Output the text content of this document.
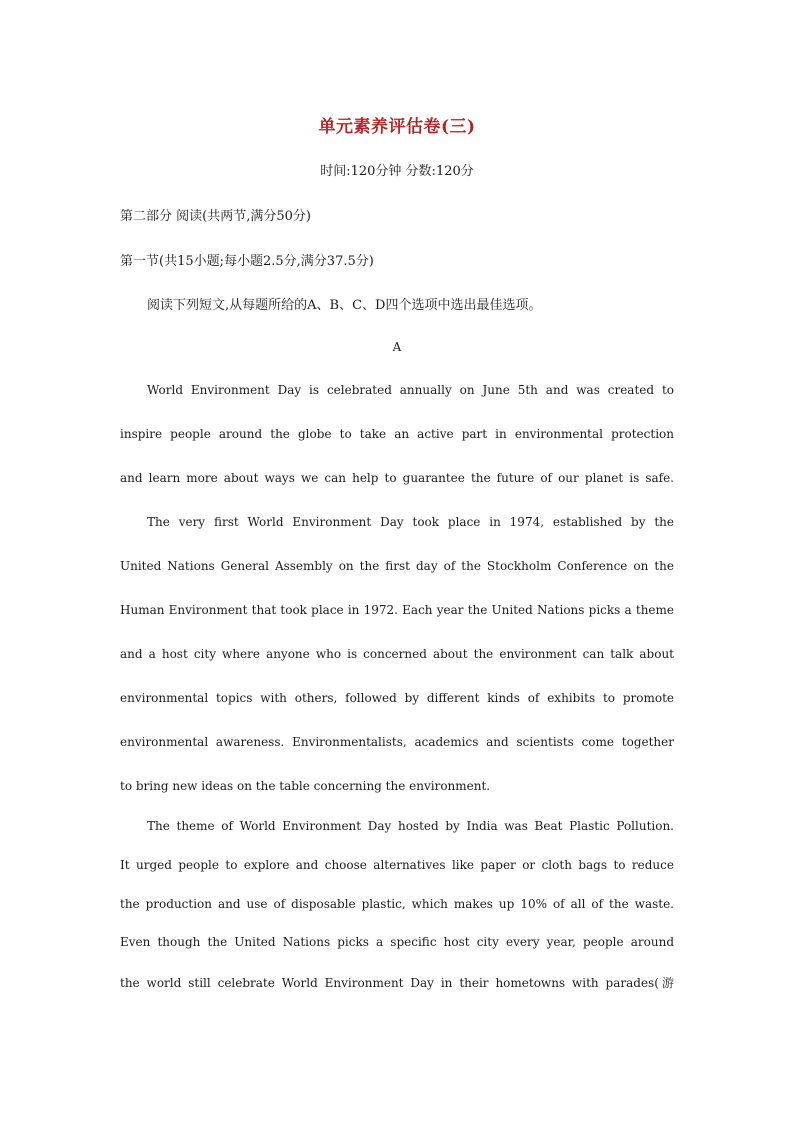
单元素养评估卷(三)
时间:120分钟 分数:120分
第二部分 阅读(共两节,满分50分)
第一节(共15小题;每小题2.5分,满分37.5分)
阅读下列短文,从每题所给的A、B、C、D四个选项中选出最佳选项。
A
World Environment Day is celebrated annually on June 5th and was created to
inspire people around the globe to take an active part in environmental protection
and learn more about ways we can help to guarantee the future of our planet is safe.
The very first World Environment Day took place in 1974, established by the
United Nations General Assembly on the first day of the Stockholm Conference on the
Human Environment that took place in 1972. Each year the United Nations picks a theme
and a host city where anyone who is concerned about the environment can talk about
environmental topics with others, followed by different kinds of exhibits to promote
environmental awareness. Environmentalists, academics and scientists come together
to bring new ideas on the table concerning the environment.
The theme of World Environment Day hosted by India was Beat Plastic Pollution.
It urged people to explore and choose alternatives like paper or cloth bags to reduce
the production and use of disposable plastic, which makes up 10% of all of the waste.
Even though the United Nations picks a specific host city every year, people around
the world still celebrate World Environment Day in their hometowns with parades(游
